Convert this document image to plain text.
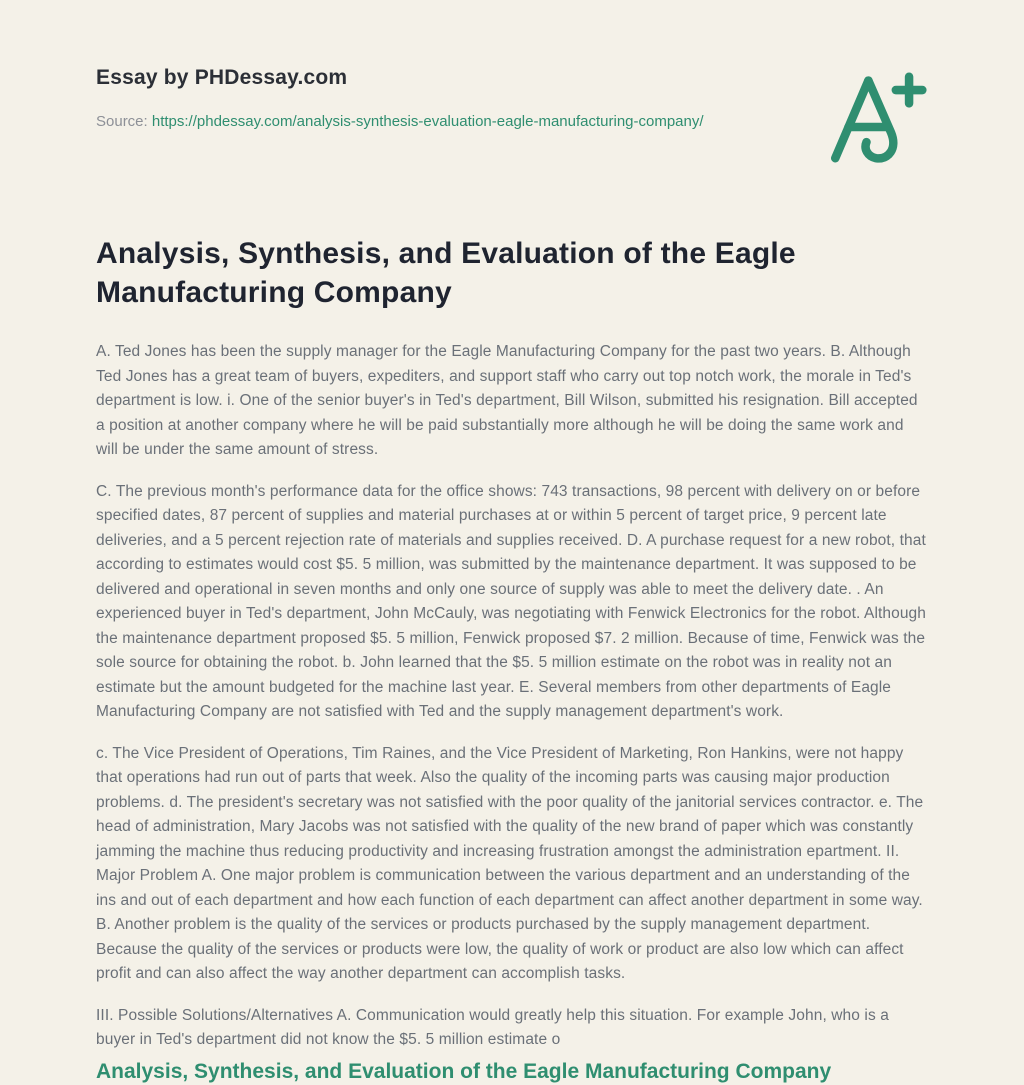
Essay by PHDessay.com
Source: https://phdessay.com/analysis-synthesis-evaluation-eagle-manufacturing-company/
Analysis, Synthesis, and Evaluation of the Eagle Manufacturing Company

A. Ted Jones has been the supply manager for the Eagle Manufacturing Company for the past two years. B. Although Ted Jones has a great team of buyers, expediters, and support staff who carry out top notch work, the morale in Ted's department is low. i. One of the senior buyer's in Ted's department, Bill Wilson, submitted his resignation. Bill accepted a position at another company where he will be paid substantially more although he will be doing the same work and will be under the same amount of stress.

C. The previous month's performance data for the office shows: 743 transactions, 98 percent with delivery on or before specified dates, 87 percent of supplies and material purchases at or within 5 percent of target price, 9 percent late deliveries, and a 5 percent rejection rate of materials and supplies received. D. A purchase request for a new robot, that according to estimates would cost $5. 5 million, was submitted by the maintenance department. It was supposed to be delivered and operational in seven months and only one source of supply was able to meet the delivery date. . An experienced buyer in Ted's department, John McCauly, was negotiating with Fenwick Electronics for the robot. Although the maintenance department proposed $5. 5 million, Fenwick proposed $7. 2 million. Because of time, Fenwick was the sole source for obtaining the robot. b. John learned that the $5. 5 million estimate on the robot was in reality not an estimate but the amount budgeted for the machine last year. E. Several members from other departments of Eagle Manufacturing Company are not satisfied with Ted and the supply management department's work.

c. The Vice President of Operations, Tim Raines, and the Vice President of Marketing, Ron Hankins, were not happy that operations had run out of parts that week. Also the quality of the incoming parts was causing major production problems. d. The president's secretary was not satisfied with the poor quality of the janitorial services contractor. e. The head of administration, Mary Jacobs was not satisfied with the quality of the new brand of paper which was constantly jamming the machine thus reducing productivity and increasing frustration amongst the administration epartment. II. Major Problem A. One major problem is communication between the various department and an understanding of the ins and out of each department and how each function of each department can affect another department in some way. B. Another problem is the quality of the services or products purchased by the supply management department. Because the quality of the services or products were low, the quality of work or product are also low which can affect profit and can also affect the way another department can accomplish tasks.

III. Possible Solutions/Alternatives A. Communication would greatly help this situation. For example John, who is a buyer in Ted's department did not know the $5. 5 million estimate o

Analysis, Synthesis, and Evaluation of the Eagle Manufacturing Company
